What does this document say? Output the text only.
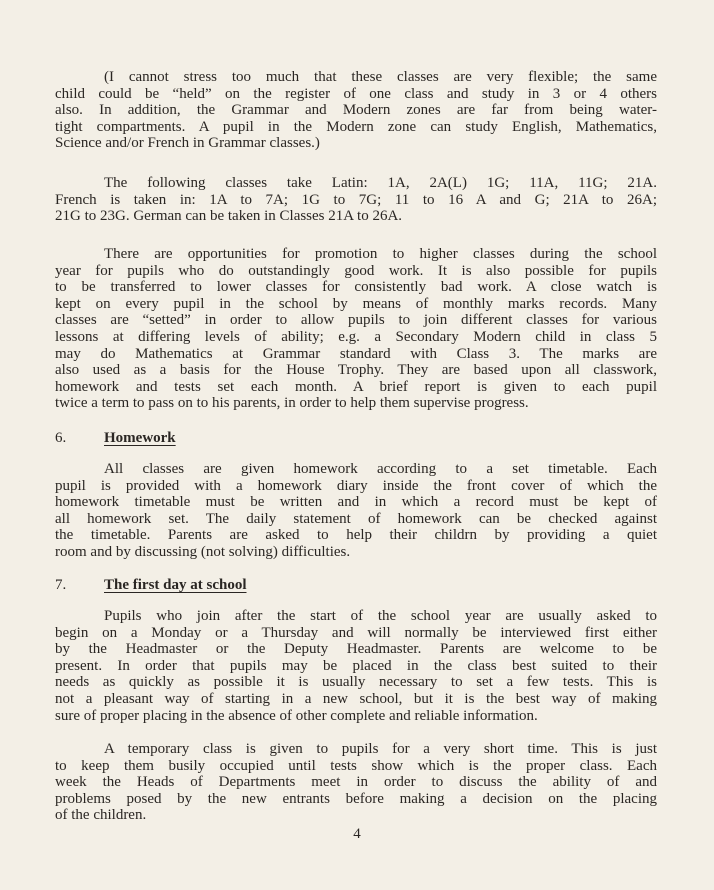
(I cannot stress too much that these classes are very flexible; the same
child could be “held” on the register of one class and study in 3 or 4 others
also. In addition, the Grammar and Modern zones are far from being water-
tight compartments. A pupil in the Modern zone can study English, Mathematics,
Science and/or French in Grammar classes.)
The following classes take Latin: 1A, 2A(L) 1G; 11A, 11G; 21A.
French is taken in: 1A to 7A; 1G to 7G; 11 to 16 A and G; 21A to 26A;
21G to 23G. German can be taken in Classes 21A to 26A.
There are opportunities for promotion to higher classes during the school
year for pupils who do outstandingly good work. It is also possible for pupils
to be transferred to lower classes for consistently bad work. A close watch is
kept on every pupil in the school by means of monthly marks records. Many
classes are “setted” in order to allow pupils to join different classes for various
lessons at differing levels of ability; e.g. a Secondary Modern child in class 5
may do Mathematics at Grammar standard with Class 3. The marks are
also used as a basis for the House Trophy. They are based upon all classwork,
homework and tests set each month. A brief report is given to each pupil
twice a term to pass on to his parents, in order to help them supervise progress.
6.	Homework
All classes are given homework according to a set timetable. Each
pupil is provided with a homework diary inside the front cover of which the
homework timetable must be written and in which a record must be kept of
all homework set. The daily statement of homework can be checked against
the timetable. Parents are asked to help their childrn by providing a quiet
room and by discussing (not solving) difficulties.
7.	The first day at school
Pupils who join after the start of the school year are usually asked to
begin on a Monday or a Thursday and will normally be interviewed first either
by the Headmaster or the Deputy Headmaster. Parents are welcome to be
present. In order that pupils may be placed in the class best suited to their
needs as quickly as possible it is usually necessary to set a few tests. This is
not a pleasant way of starting in a new school, but it is the best way of making
sure of proper placing in the absence of other complete and reliable information.
A temporary class is given to pupils for a very short time. This is just
to keep them busily occupied until tests show which is the proper class. Each
week the Heads of Departments meet in order to discuss the ability of and
problems posed by the new entrants before making a decision on the placing
of the children.
4
